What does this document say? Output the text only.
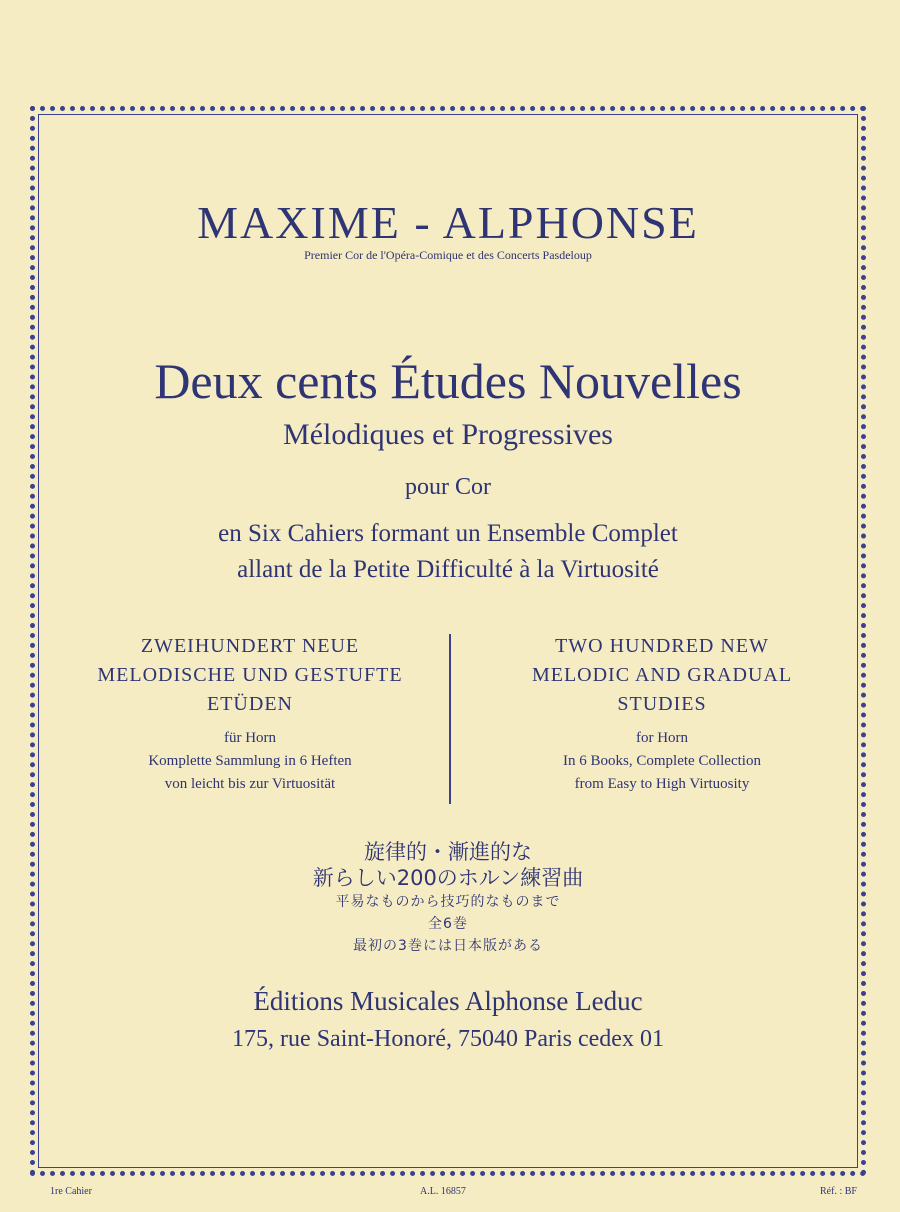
MAXIME - ALPHONSE
Premier Cor de l'Opéra-Comique et des Concerts Pasdeloup
Deux cents Études Nouvelles
Mélodiques et Progressives
pour Cor
en Six Cahiers formant un Ensemble Complet
allant de la Petite Difficulté à la Virtuosité
ZWEIHUNDERT NEUE
MELODISCHE UND GESTUFTE
ETÜDEN
für Horn
Komplette Sammlung in 6 Heften
von leicht bis zur Virtuosität
TWO HUNDRED NEW
MELODIC AND GRADUAL
STUDIES
for Horn
In 6 Books, Complete Collection
from Easy to High Virtuosity
旋律的・漸進的な
新らしい200のホルン練習曲
平易なものから技巧的なものまで
全6巻
最初の3巻には日本版がある
Éditions Musicales Alphonse Leduc
175, rue Saint-Honoré, 75040 Paris cedex 01
1re Cahier	A.L. 16857	Réf. : BF
